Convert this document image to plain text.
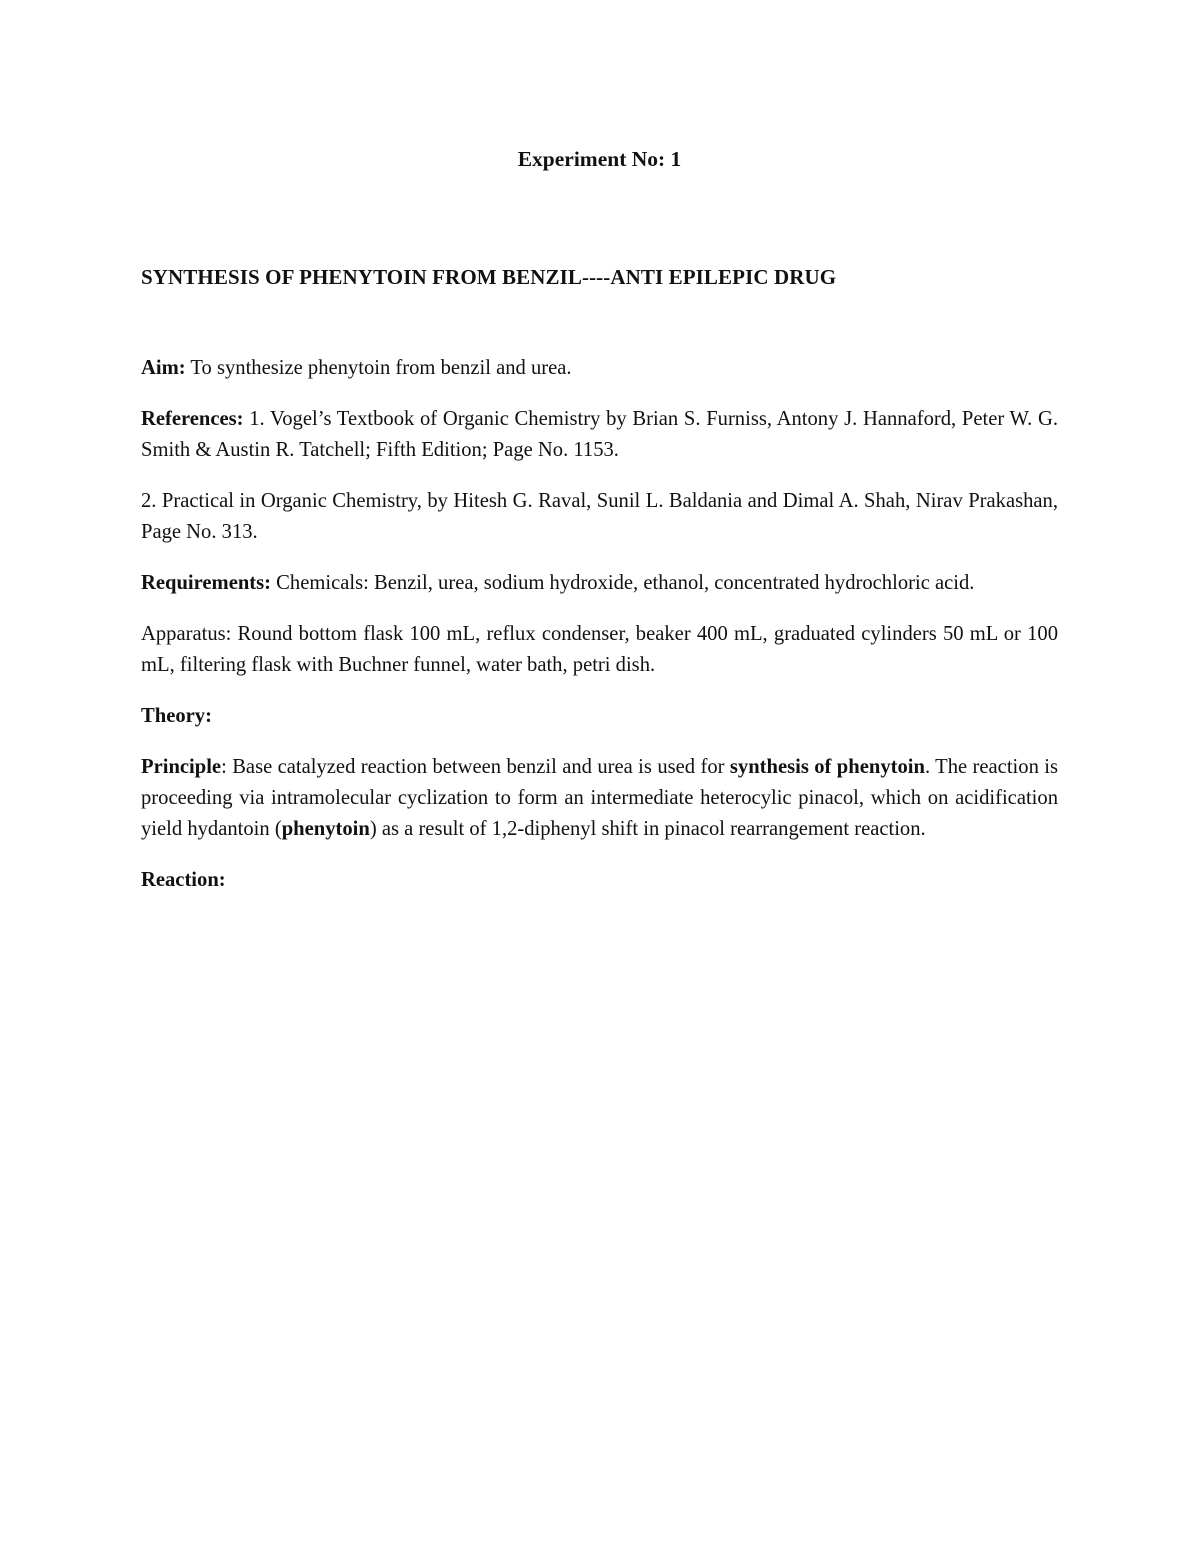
Experiment No: 1
SYNTHESIS OF PHENYTOIN FROM BENZIL----ANTI EPILEPIC DRUG

Aim: To synthesize phenytoin from benzil and urea.

References: 1. Vogel’s Textbook of Organic Chemistry by Brian S. Furniss, Antony J. Hannaford, Peter W. G. Smith & Austin R. Tatchell; Fifth Edition; Page No. 1153.

2. Practical in Organic Chemistry, by Hitesh G. Raval, Sunil L. Baldania and Dimal A. Shah, Nirav Prakashan, Page No. 313.

Requirements: Chemicals: Benzil, urea, sodium hydroxide, ethanol, concentrated hydrochloric acid.

Apparatus: Round bottom flask 100 mL, reflux condenser, beaker 400 mL, graduated cylinders 50 mL or 100 mL, filtering flask with Buchner funnel, water bath, petri dish.

Theory:

Principle: Base catalyzed reaction between benzil and urea is used for synthesis of phenytoin. The reaction is proceeding via intramolecular cyclization to form an intermediate heterocylic pinacol, which on acidification yield hydantoin (phenytoin) as a result of 1,2-diphenyl shift in pinacol rearrangement reaction.

Reaction:
